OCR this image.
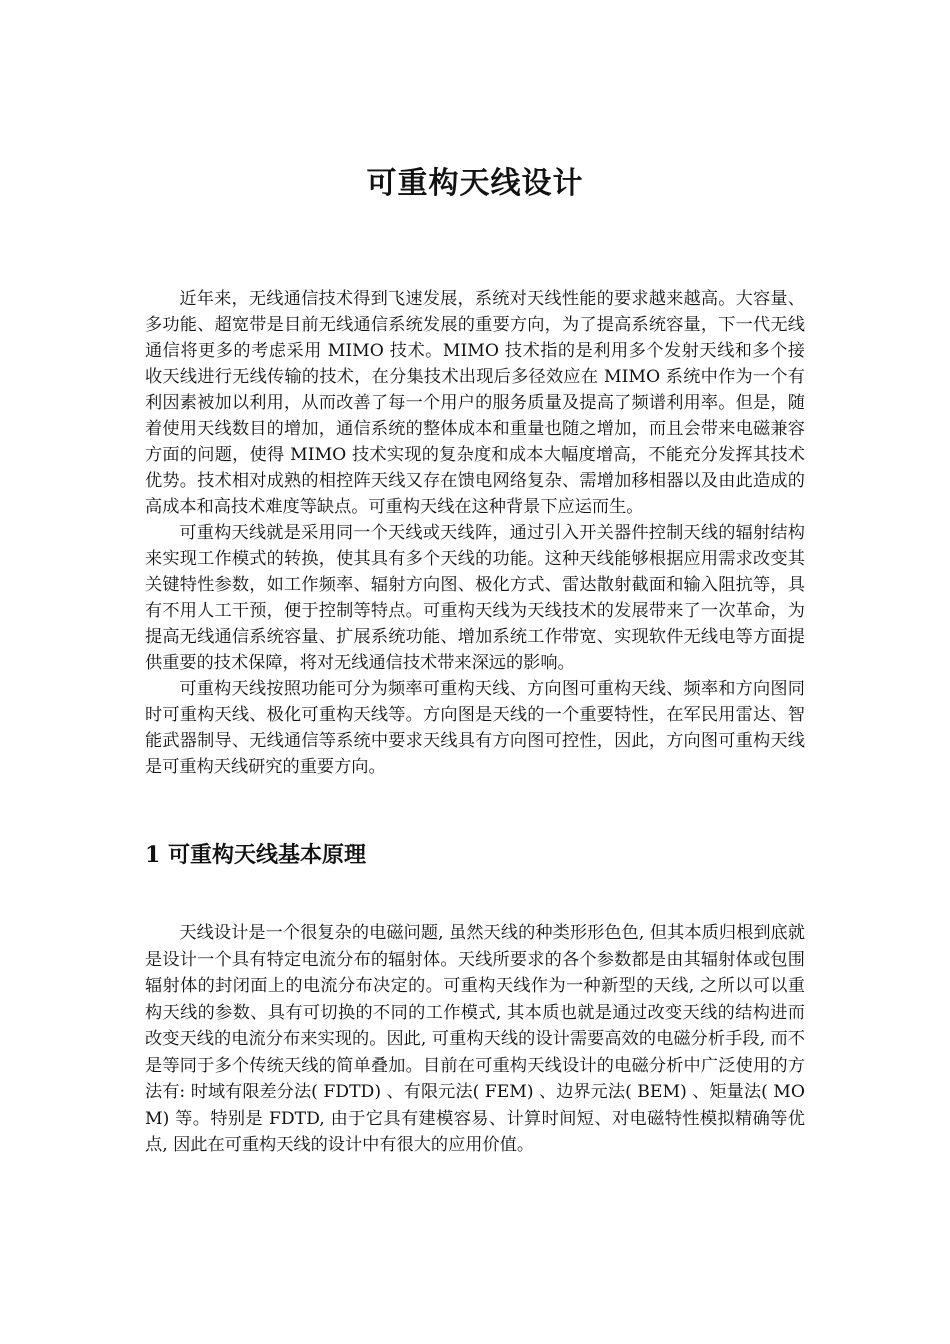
可重构天线设计

近年来，无线通信技术得到飞速发展，系统对天线性能的要求越来越高。大容量、多功能、超宽带是目前无线通信系统发展的重要方向，为了提高系统容量，下一代无线通信将更多的考虑采用 MIMO 技术。MIMO 技术指的是利用多个发射天线和多个接收天线进行无线传输的技术，在分集技术出现后多径效应在 MIMO 系统中作为一个有利因素被加以利用，从而改善了每一个用户的服务质量及提高了频谱利用率。但是，随着使用天线数目的增加，通信系统的整体成本和重量也随之增加，而且会带来电磁兼容方面的问题，使得 MIMO 技术实现的复杂度和成本大幅度增高，不能充分发挥其技术优势。技术相对成熟的相控阵天线又存在馈电网络复杂、需增加移相器以及由此造成的高成本和高技术难度等缺点。可重构天线在这种背景下应运而生。

可重构天线就是采用同一个天线或天线阵，通过引入开关器件控制天线的辐射结构来实现工作模式的转换，使其具有多个天线的功能。这种天线能够根据应用需求改变其关键特性参数，如工作频率、辐射方向图、极化方式、雷达散射截面和输入阻抗等，具有不用人工干预，便于控制等特点。可重构天线为天线技术的发展带来了一次革命，为提高无线通信系统容量、扩展系统功能、增加系统工作带宽、实现软件无线电等方面提供重要的技术保障，将对无线通信技术带来深远的影响。

可重构天线按照功能可分为频率可重构天线、方向图可重构天线、频率和方向图同时可重构天线、极化可重构天线等。方向图是天线的一个重要特性，在军民用雷达、智能武器制导、无线通信等系统中要求天线具有方向图可控性，因此，方向图可重构天线是可重构天线研究的重要方向。

1 可重构天线基本原理

天线设计是一个很复杂的电磁问题, 虽然天线的种类形形色色, 但其本质归根到底就是设计一个具有特定电流分布的辐射体。天线所要求的各个参数都是由其辐射体或包围辐射体的封闭面上的电流分布决定的。可重构天线作为一种新型的天线, 之所以可以重构天线的参数、具有可切换的不同的工作模式, 其本质也就是通过改变天线的结构进而改变天线的电流分布来实现的。因此, 可重构天线的设计需要高效的电磁分析手段, 而不是等同于多个传统天线的简单叠加。目前在可重构天线设计的电磁分析中广泛使用的方法有: 时域有限差分法( FDTD) 、有限元法( FEM) 、边界元法( BEM) 、矩量法( MOM) 等。特别是 FDTD, 由于它具有建模容易、计算时间短、对电磁特性模拟精确等优点, 因此在可重构天线的设计中有很大的应用价值。
